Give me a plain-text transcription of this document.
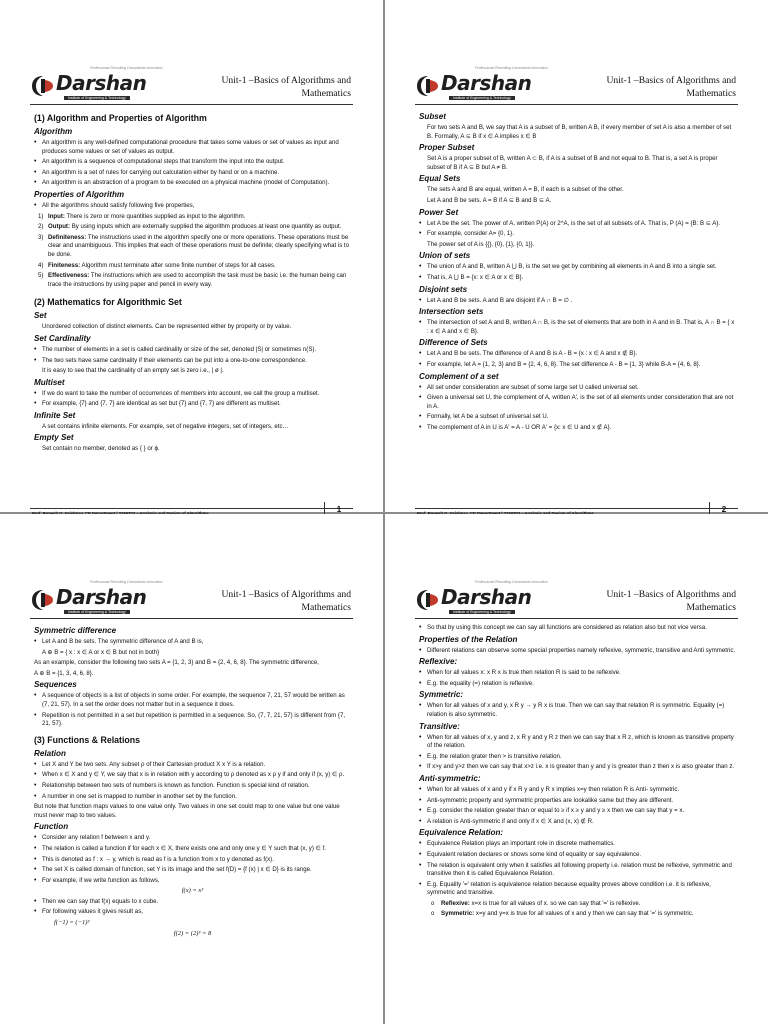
Professional Recruiting Consultants Innovation
Darshan
Institute of Engineering & Technology
Unit-1 –Basics of Algorithms and
Mathematics
(1) Algorithm and Properties of Algorithm
Algorithm

• An algorithm is any well-defined computational procedure that takes some values or set of values as input and produces some values or set of values as output.

• An algorithm is a sequence of computational steps that transform the input into the output.

• An algorithm is a set of rules for carrying out calculation either by hand or on a machine.

• An algorithm is an abstraction of a program to be executed on a physical machine (model of Computation).

Properties of Algorithm

• All the algorithms should satisfy following five properties,

1) Input: There is zero or more quantities supplied as input to the algorithm.

2) Output: By using inputs which are externally supplied the algorithm produces at least one quantity as output.

3) Definiteness: The instructions used in the algorithm specify one or more operations. These operations must be clear and unambiguous. This implies that each of these operations must be definite; clearly specifying what is to be done.

4) Finiteness: Algorithm must terminate after some finite number of steps for all cases.

5) Effectiveness: The instructions which are used to accomplish the task must be basic i.e. the human being can trace the instructions by using paper and pencil in every way.

(2) Mathematics for Algorithmic Set
Set

Unordered collection of distinct elements. Can be represented either by property or by value.

Set Cardinality

• The number of elements in a set is called cardinality or size of the set, denoted |S| or sometimes n(S).

• The two sets have same cardinality if their elements can be put into a one-to-one correspondence.

It is easy to see that the cardinality of an empty set is zero i.e., | ø |.

Multiset

• If we do want to take the number of occurrences of members into account, we call the group a multiset.

• For example, {7} and {7, 7} are identical as set but {7} and {7, 7} are different as multiset.

Infinite Set

A set contains infinite elements. For example, set of negative integers, set of integers, etc…

Empty Set

Set contain no member, denoted as { } or ϕ.

1
Professional Recruiting Consultants Innovation
Darshan
Institute of Engineering & Technology
Unit-1 –Basics of Algorithms and
Mathematics
Subset

For two sets A and B, we say that A is a subset of B, written A B, if every member of set A is also a member of set B. Formally, A ⊆ B if x ∈ A implies x ∈ B

Proper Subset

Set A is a proper subset of B, written A ⊂ B, if A is a subset of B and not equal to B. That is, a set A is proper subset of B if A ⊆ B but A ≠ B.

Equal Sets

The sets A and B are equal, written A = B, if each is a subset of the other.

Let A and B be sets. A = B if A ⊆ B and B ⊆ A.

Power Set

• Let A be the set. The power of A, written P(A) or 2^A, is the set of all subsets of A. That is, P (A) = {B: B ⊆ A}.

• For example, consider A= {0, 1}.

The power set of A is {{}, {0}, {1}, {0, 1}}.

Union of sets

• The union of A and B, written A ⋃ B, is the set we get by combining all elements in A and B into a single set.

• That is, A ⋃ B = {x: x ∈ A or x ∈ B}.

Disjoint sets

• Let A and B be sets. A and B are disjoint if A ∩ B = ∅ .

Intersection sets

• The intersection of set A and B, written A ∩ B, is the set of elements that are both in A and in B. That is, A ∩ B = { x : x ∈ A and x ∈ B}.

Difference of Sets

• Let A and B be sets. The difference of A and B is A - B = {x : x ∈ A and x ∉ B}.

• For example, let A = {1, 2, 3} and B = {2, 4, 6, 8}. The set difference A - B = {1, 3} while B-A = {4, 6, 8}.

Complement of a set

• All set under consideration are subset of some large set U called universal set.

• Given a universal set U, the complement of A, written A', is the set of all elements under consideration that are not in A.

• Formally, let A be a subset of universal set U.

• The complement of A in U is A' = A - U OR A' = {x: x ∈ U and x ∉ A}.

2
Professional Recruiting Consultants Innovation
Darshan
Institute of Engineering & Technology
Unit-1 –Basics of Algorithms and
Mathematics
Symmetric difference

• Let A and B be sets. The symmetric difference of A and B is,

A ⊕ B = { x : x ∈ A or x ∈ B but not in both}

As an example, consider the following two sets A = {1, 2, 3} and B = {2, 4, 6, 8}. The symmetric difference,

A ⊕ B = {1, 3, 4, 6, 8}.

Sequences

• A sequence of objects is a list of objects in some order. For example, the sequence 7, 21, 57 would be written as (7, 21, 57). In a set the order does not matter but in a sequence it does.

• Repetition is not permitted in a set but repetition is permitted in a sequence. So, (7, 7, 21, 57) is different from {7, 21, 57}.

(3) Functions & Relations
Relation

• Let X and Y be two sets. Any subset ρ of their Cartesian product X x Y is a relation.

• When x ∈ X and y ∈ Y, we say that x is in relation with y according to ρ denoted as x ρ y if and only if (x, y) ∈ ρ.

• Relationship between two sets of numbers is known as function. Function is special kind of relation.

• A number in one set is mapped to number in another set by the function.

But note that function maps values to one value only. Two values in one set could map to one value but one value must never map to two values.

Function

• Consider any relation f between x and y.

• The relation is called a function if for each x ∈ X, there exists one and only one y ∈ Y such that (x, y) ∈ f.

• This is denoted as f : x → y, which is read as f is a function from x to y denoted as f(x).

• The set X is called domain of function, set Y is its image and the set f(D) = {f (x) | x ∈ D} is its range.

• For example, if we write function as follows,

f(x) = x³

• Then we can say that f(x) equals to x cube.

• For following values it gives result as,

f(−1) = (−1)³

f(2) = (2)³ = 8

Professional Recruiting Consultants Innovation
Darshan
Institute of Engineering & Technology
Unit-1 –Basics of Algorithms and
Mathematics

• So that by using this concept we can say all functions are considered as relation also but not vice versa.

Properties of the Relation

• Different relations can observe some special properties namely reflexive, symmetric, transitive and Anti symmetric.

Reflexive:

• When for all values x: x R x is true then relation R is said to be reflexive.

• E.g. the equality (=) relation is reflexive.

Symmetric:

• When for all values of x and y, x R y → y R x is true. Then we can say that relation R is symmetric. Equality (=) relation is also symmetric.

Transitive:

• When for all values of x, y and z, x R y and y R z then we can say that x R z, which is known as transitive property of the relation.

• E.g. the relation grater then > is transitive relation.

• If x>y and y>z then we can say that x>z i.e. x is greater than y and y is greater than z then x is also greater than z.

Anti-symmetric:

• When for all values of x and y if x R y and y R x implies x=y then relation R is Anti- symmetric.

• Anti-symmetric property and symmetric properties are lookalike same but they are different.

• E.g. consider the relation greater than or equal to ≥ if x ≥ y and y ≥ x then we can say that y = x.

• A relation is Anti-symmetric if and only if x ∈ X and (x, x) ∉ R.

Equivalence Relation:

• Equivalence Relation plays an important role in discrete mathematics.

• Equivalent relation declares or shows some kind of equality or say equivalence.

• The relation is equivalent only when it satisfies all following property i.e. relation must be reflexive, symmetric and transitive then it is called Equivalence Relation.

• E.g. Equality '=' relation is equivalence relation because equality proves above condition i.e. it is reflexive, symmetric and transitive.

o Reflexive: x=x is true for all values of x. so we can say that '=' is reflexive.

o Symmetric: x=y and y=x is true for all values of x and y then we can say that '=' is symmetric.
